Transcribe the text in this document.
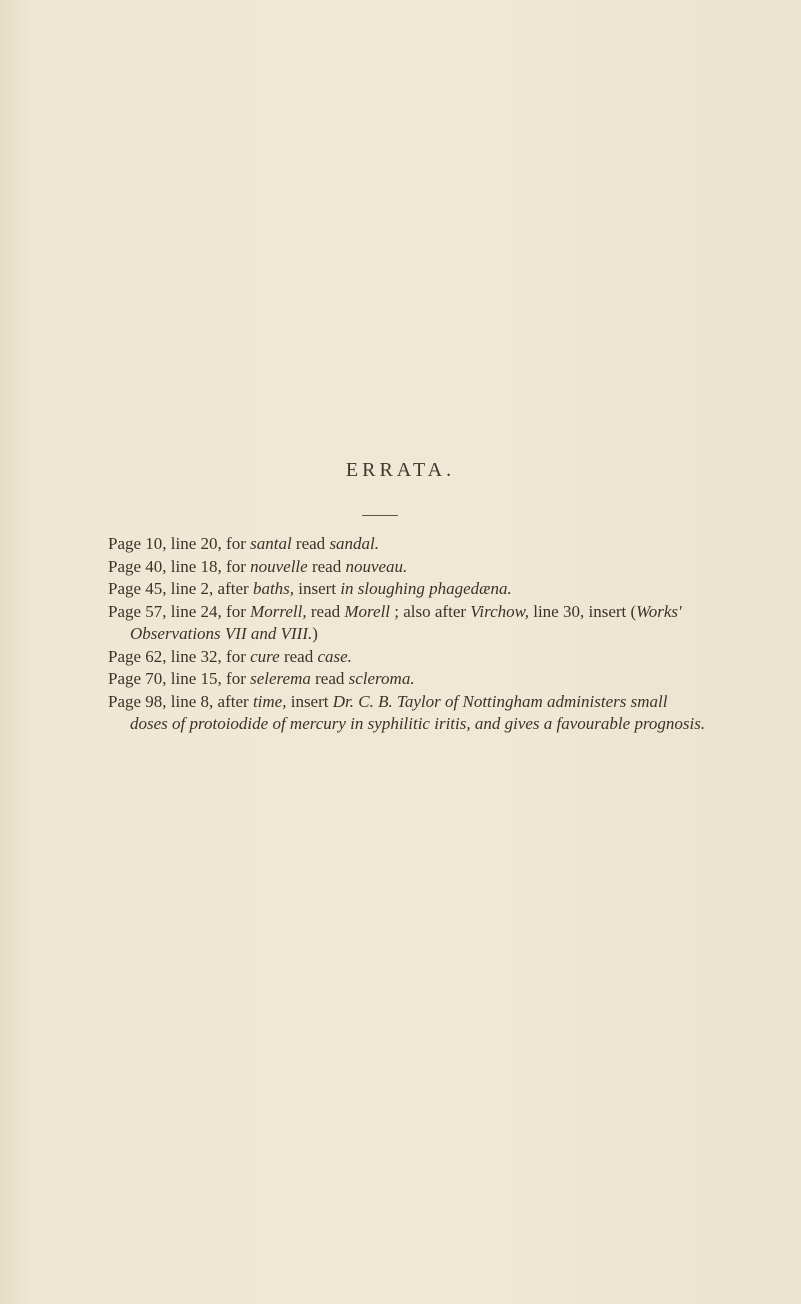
ERRATA.
Page 10, line 20, for santal read sandal.
Page 40, line 18, for nouvelle read nouveau.
Page 45, line 2, after baths, insert in sloughing phagedæna.
Page 57, line 24, for Morrell, read Morell ; also after Virchow, line 30, insert (Works' Observations VII and VIII.)
Page 62, line 32, for cure read case.
Page 70, line 15, for selerema read scleroma.
Page 98, line 8, after time, insert Dr. C. B. Taylor of Nottingham administers small doses of protoiodide of mercury in syphilitic iritis, and gives a favourable prognosis.
